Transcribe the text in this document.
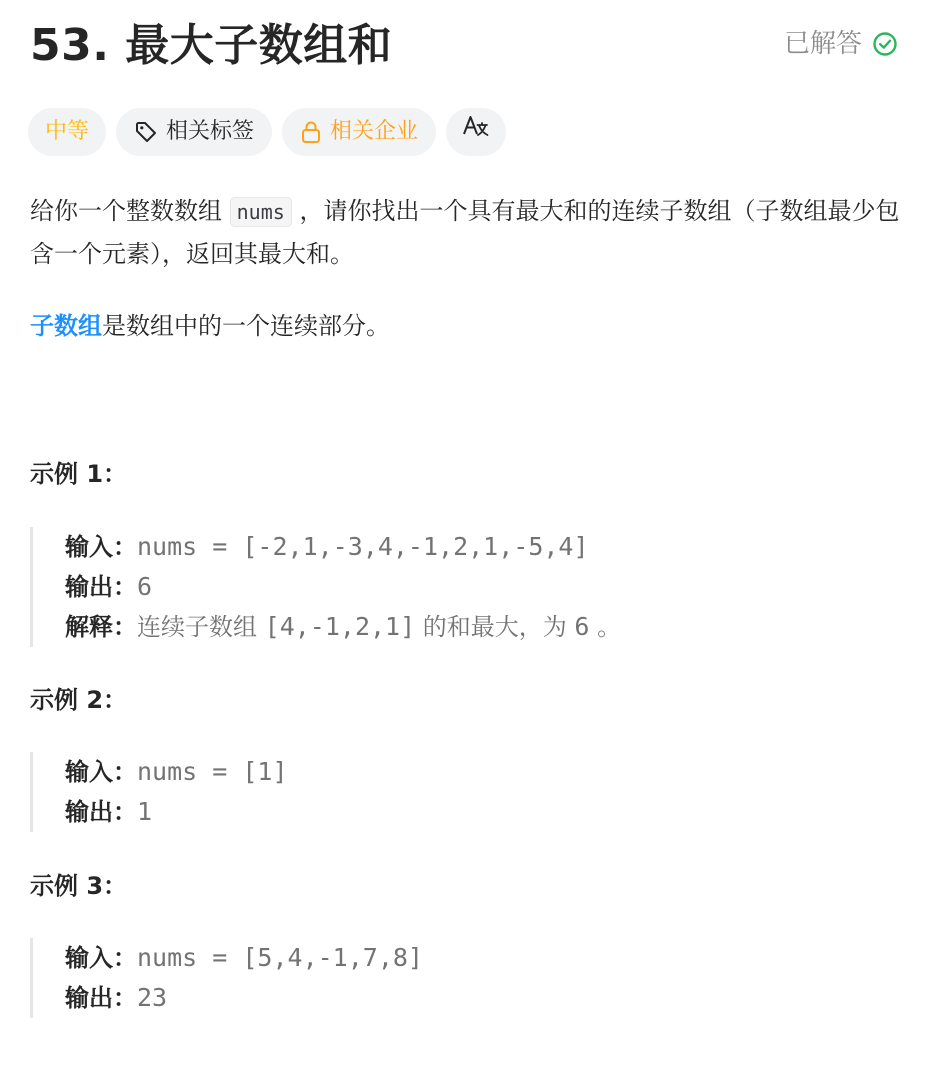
53. 最大子数组和	已解答
中等	相关标签	相关企业

给你一个整数数组 nums ，请你找出一个具有最大和的连续子数组（子数组最少包含一个元素），返回其最大和。

子数组是数组中的一个连续部分。
示例 1：
输入：nums = [-2,1,-3,4,-1,2,1,-5,4]
输出：6
解释：连续子数组 [4,-1,2,1] 的和最大，为 6 。
示例 2：
输入：nums = [1]
输出：1
示例 3：
输入：nums = [5,4,-1,7,8]
输出：23
